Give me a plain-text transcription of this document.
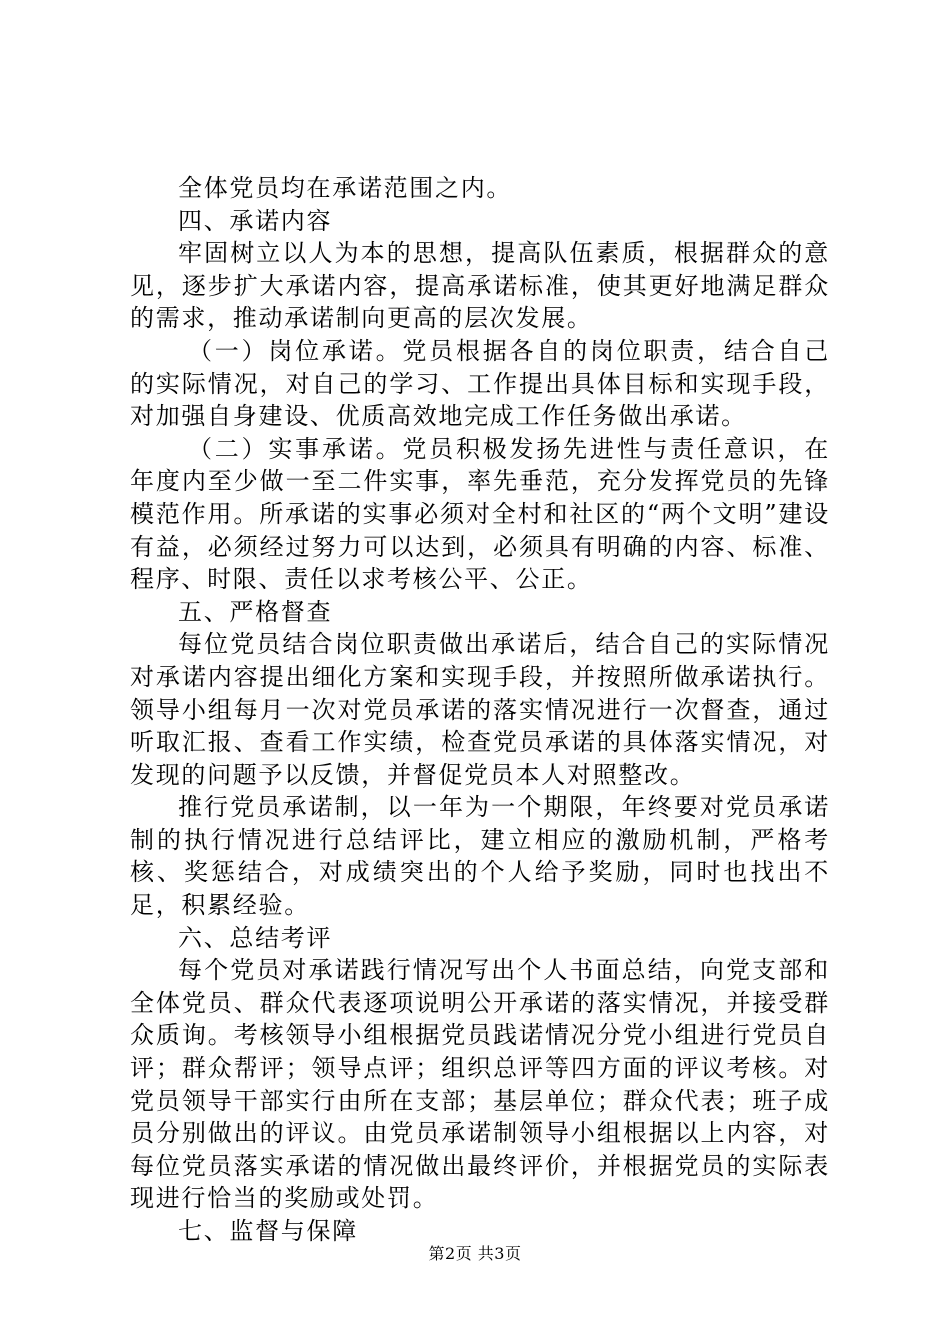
全体党员均在承诺范围之内。

四、承诺内容

牢固树立以人为本的思想，提高队伍素质，根据群众的意见，逐步扩大承诺内容，提高承诺标准，使其更好地满足群众的需求，推动承诺制向更高的层次发展。

（一）岗位承诺。党员根据各自的岗位职责，结合自己的实际情况，对自己的学习、工作提出具体目标和实现手段，对加强自身建设、优质高效地完成工作任务做出承诺。

（二）实事承诺。党员积极发扬先进性与责任意识，在年度内至少做一至二件实事，率先垂范，充分发挥党员的先锋模范作用。所承诺的实事必须对全村和社区的“两个文明”建设有益，必须经过努力可以达到，必须具有明确的内容、标准、程序、时限、责任以求考核公平、公正。

五、严格督查

每位党员结合岗位职责做出承诺后，结合自己的实际情况对承诺内容提出细化方案和实现手段，并按照所做承诺执行。领导小组每月一次对党员承诺的落实情况进行一次督查，通过听取汇报、查看工作实绩，检查党员承诺的具体落实情况，对发现的问题予以反馈，并督促党员本人对照整改。

推行党员承诺制，以一年为一个期限，年终要对党员承诺制的执行情况进行总结评比，建立相应的激励机制，严格考核、奖惩结合，对成绩突出的个人给予奖励，同时也找出不足，积累经验。

六、总结考评

每个党员对承诺践行情况写出个人书面总结，向党支部和全体党员、群众代表逐项说明公开承诺的落实情况，并接受群众质询。考核领导小组根据党员践诺情况分党小组进行党员自评；群众帮评；领导点评；组织总评等四方面的评议考核。对党员领导干部实行由所在支部；基层单位；群众代表；班子成员分别做出的评议。由党员承诺制领导小组根据以上内容，对每位党员落实承诺的情况做出最终评价，并根据党员的实际表现进行恰当的奖励或处罚。

七、监督与保障

第2页 共3页
